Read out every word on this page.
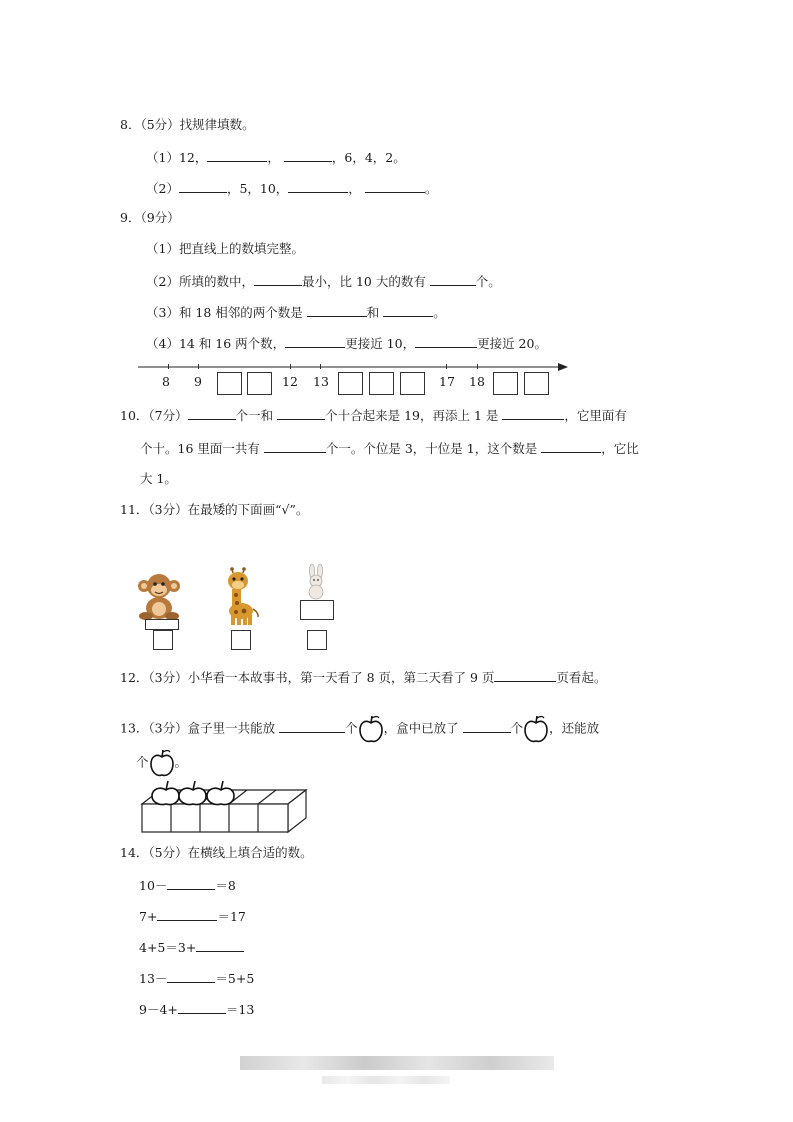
8．（5分）找规律填数。
（1）12，	，	，6，4，2。
（2）	，5，10，	，	。
9．（9分）
（1）把直线上的数填完整。
（2）所填的数中，	最小，比 10 大的数有	个。
（3）和 18 相邻的两个数是	和	。
（4）14 和 16 两个数，	更接近 10，	更接近 20。
8 9	12 13	17 18
10．（7分）	个一和	个十合起来是 19，再添上 1 是	，它里面有
个十。16 里面一共有	个一。个位是 3，十位是 1，这个数是	，它比
大 1。
11．（3分）在最矮的下面画“√”。
12．（3分）小华看一本故事书，第一天看了 8 页，第二天看了 9 页	页看起。
13．（3分）盒子里一共能放	个 ，盒中已放了	个 ，还能放
个 。
14．（5分）在横线上填合适的数。
10－	＝8
7+	＝17
4+5＝3+
13－	＝5+5
9－4+	＝13
